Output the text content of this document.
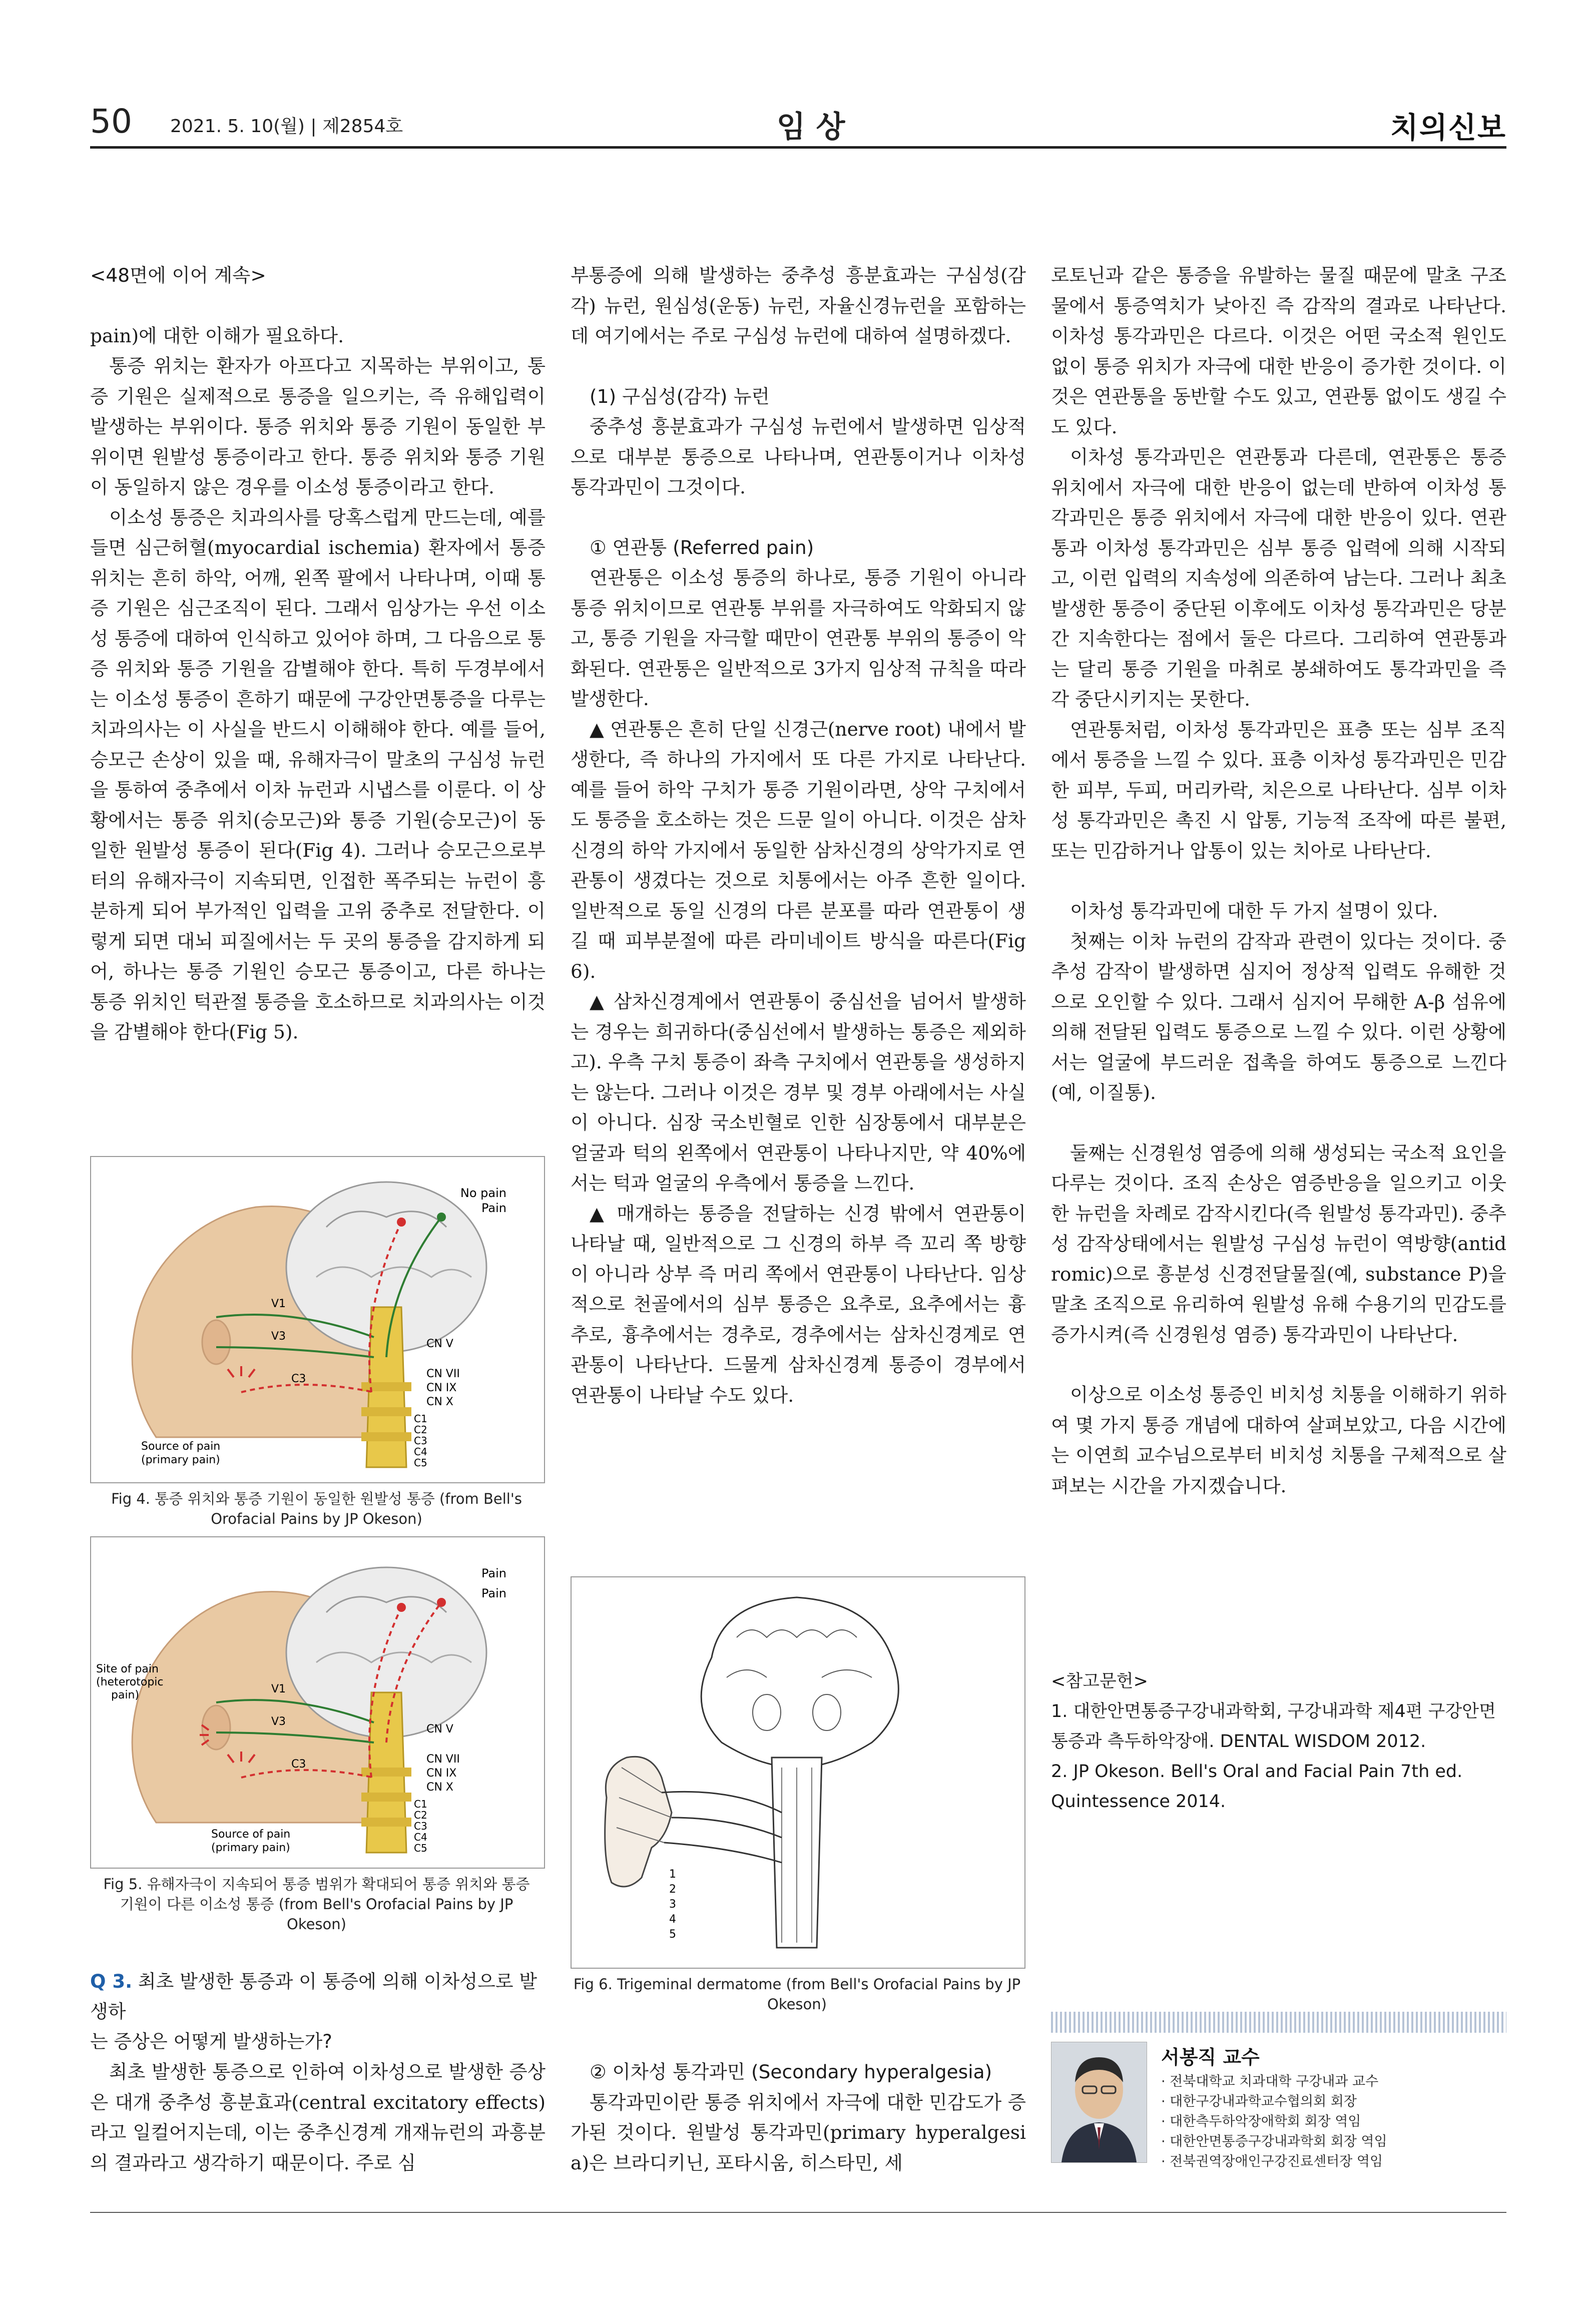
50 2021. 5. 10(월) | 제2854호	임 상	치의신보

<48면에 이어 계속>

pain)에 대한 이해가 필요하다.

통증 위치는 환자가 아프다고 지목하는 부위이고, 통증 기원은 실제적으로 통증을 일으키는, 즉 유해입력이 발생하는 부위이다. 통증 위치와 통증 기원이 동일한 부위이면 원발성 통증이라고 한다. 통증 위치와 통증 기원이 동일하지 않은 경우를 이소성 통증이라고 한다.

이소성 통증은 치과의사를 당혹스럽게 만드는데, 예를 들면 심근허혈(myocardial ischemia) 환자에서 통증 위치는 흔히 하악, 어깨, 왼쪽 팔에서 나타나며, 이때 통증 기원은 심근조직이 된다. 그래서 임상가는 우선 이소성 통증에 대하여 인식하고 있어야 하며, 그 다음으로 통증 위치와 통증 기원을 감별해야 한다. 특히 두경부에서는 이소성 통증이 흔하기 때문에 구강안면통증을 다루는 치과의사는 이 사실을 반드시 이해해야 한다. 예를 들어, 승모근 손상이 있을 때, 유해자극이 말초의 구심성 뉴런을 통하여 중추에서 이차 뉴런과 시냅스를 이룬다. 이 상황에서는 통증 위치(승모근)와 통증 기원(승모근)이 동일한 원발성 통증이 된다(Fig 4). 그러나 승모근으로부터의 유해자극이 지속되면, 인접한 폭주되는 뉴런이 흥분하게 되어 부가적인 입력을 고위 중추로 전달한다. 이렇게 되면 대뇌 피질에서는 두 곳의 통증을 감지하게 되어, 하나는 통증 기원인 승모근 통증이고, 다른 하나는 통증 위치인 턱관절 통증을 호소하므로 치과의사는 이것을 감별해야 한다(Fig 5).

No pain
Pain
V1
V3
C3
CN V
CN VII
CN IX
CN X
C1
C2
C3
C4
C5
Source of pain
(primary pain)
Fig 4. 통증 위치와 통증 기원이 동일한 원발성 통증 (from Bell's
Orofacial Pains by JP Okeson)
Pain
Pain
Site of pain
(heterotopic
pain)	V1
V3
C3
CN V
CN VII
CN IX
CN X
C1
C2
C3
C4
C5
Source of pain
(primary pain)
Fig 5. 유해자극이 지속되어 통증 범위가 확대되어 통증 위치와 통증
기원이 다른 이소성 통증 (from Bell's Orofacial Pains by JP Okeson)

Q 3. 최초 발생한 통증과 이 통증에 의해 이차성으로 발생하

는 증상은 어떻게 발생하는가?

최초 발생한 통증으로 인하여 이차성으로 발생한 증상은 대개 중추성 흥분효과(central excitatory effects)라고 일컬어지는데, 이는 중추신경계 개재뉴런의 과흥분의 결과라고 생각하기 때문이다. 주로 심

부통증에 의해 발생하는 중추성 흥분효과는 구심성(감각) 뉴런, 원심성(운동) 뉴런, 자율신경뉴런을 포함하는데 여기에서는 주로 구심성 뉴런에 대하여 설명하겠다.

(1) 구심성(감각) 뉴런

중추성 흥분효과가 구심성 뉴런에서 발생하면 임상적으로 대부분 통증으로 나타나며, 연관통이거나 이차성 통각과민이 그것이다.

① 연관통 (Referred pain)

연관통은 이소성 통증의 하나로, 통증 기원이 아니라 통증 위치이므로 연관통 부위를 자극하여도 악화되지 않고, 통증 기원을 자극할 때만이 연관통 부위의 통증이 악화된다. 연관통은 일반적으로 3가지 임상적 규칙을 따라 발생한다.

▲ 연관통은 흔히 단일 신경근(nerve root) 내에서 발생한다, 즉 하나의 가지에서 또 다른 가지로 나타난다. 예를 들어 하악 구치가 통증 기원이라면, 상악 구치에서도 통증을 호소하는 것은 드문 일이 아니다. 이것은 삼차신경의 하악 가지에서 동일한 삼차신경의 상악가지로 연관통이 생겼다는 것으로 치통에서는 아주 흔한 일이다. 일반적으로 동일 신경의 다른 분포를 따라 연관통이 생길 때 피부분절에 따른 라미네이트 방식을 따른다(Fig 6).

▲ 삼차신경계에서 연관통이 중심선을 넘어서 발생하는 경우는 희귀하다(중심선에서 발생하는 통증은 제외하고). 우측 구치 통증이 좌측 구치에서 연관통을 생성하지는 않는다. 그러나 이것은 경부 및 경부 아래에서는 사실이 아니다. 심장 국소빈혈로 인한 심장통에서 대부분은 얼굴과 턱의 왼쪽에서 연관통이 나타나지만, 약 40%에서는 턱과 얼굴의 우측에서 통증을 느낀다.

▲ 매개하는 통증을 전달하는 신경 밖에서 연관통이 나타날 때, 일반적으로 그 신경의 하부 즉 꼬리 쪽 방향이 아니라 상부 즉 머리 쪽에서 연관통이 나타난다. 임상적으로 천골에서의 심부 통증은 요추로, 요추에서는 흉추로, 흉추에서는 경추로, 경추에서는 삼차신경계로 연관통이 나타난다. 드물게 삼차신경계 통증이 경부에서 연관통이 나타날 수도 있다.

1
2
3
4
5
Fig 6. Trigeminal dermatome (from Bell's Orofacial Pains by JP
Okeson)

② 이차성 통각과민 (Secondary hyperalgesia)

통각과민이란 통증 위치에서 자극에 대한 민감도가 증가된 것이다. 원발성 통각과민(primary hyperalgesia)은 브라디키닌, 포타시움, 히스타민, 세

로토닌과 같은 통증을 유발하는 물질 때문에 말초 구조물에서 통증역치가 낮아진 즉 감작의 결과로 나타난다. 이차성 통각과민은 다르다. 이것은 어떤 국소적 원인도 없이 통증 위치가 자극에 대한 반응이 증가한 것이다. 이것은 연관통을 동반할 수도 있고, 연관통 없이도 생길 수도 있다.

이차성 통각과민은 연관통과 다른데, 연관통은 통증 위치에서 자극에 대한 반응이 없는데 반하여 이차성 통각과민은 통증 위치에서 자극에 대한 반응이 있다. 연관통과 이차성 통각과민은 심부 통증 입력에 의해 시작되고, 이런 입력의 지속성에 의존하여 남는다. 그러나 최초 발생한 통증이 중단된 이후에도 이차성 통각과민은 당분간 지속한다는 점에서 둘은 다르다. 그리하여 연관통과는 달리 통증 기원을 마취로 봉쇄하여도 통각과민을 즉각 중단시키지는 못한다.

연관통처럼, 이차성 통각과민은 표층 또는 심부 조직에서 통증을 느낄 수 있다. 표층 이차성 통각과민은 민감한 피부, 두피, 머리카락, 치은으로 나타난다. 심부 이차성 통각과민은 촉진 시 압통, 기능적 조작에 따른 불편, 또는 민감하거나 압통이 있는 치아로 나타난다.

이차성 통각과민에 대한 두 가지 설명이 있다.

첫째는 이차 뉴런의 감작과 관련이 있다는 것이다. 중추성 감작이 발생하면 심지어 정상적 입력도 유해한 것으로 오인할 수 있다. 그래서 심지어 무해한 A-β 섬유에 의해 전달된 입력도 통증으로 느낄 수 있다. 이런 상황에서는 얼굴에 부드러운 접촉을 하여도 통증으로 느낀다(예, 이질통).

둘째는 신경원성 염증에 의해 생성되는 국소적 요인을 다루는 것이다. 조직 손상은 염증반응을 일으키고 이웃한 뉴런을 차례로 감작시킨다(즉 원발성 통각과민). 중추성 감작상태에서는 원발성 구심성 뉴런이 역방향(antidromic)으로 흥분성 신경전달물질(예, substance P)을 말초 조직으로 유리하여 원발성 유해 수용기의 민감도를 증가시켜(즉 신경원성 염증) 통각과민이 나타난다.

이상으로 이소성 통증인 비치성 치통을 이해하기 위하여 몇 가지 통증 개념에 대하여 살펴보았고, 다음 시간에는 이연희 교수님으로부터 비치성 치통을 구체적으로 살펴보는 시간을 가지겠습니다.

<참고문헌>

1. 대한안면통증구강내과학회, 구강내과학 제4편 구강안면통증과 측두하악장애. DENTAL WISDOM 2012.

2. JP Okeson. Bell's Oral and Facial Pain 7th ed. Quintessence 2014.

서봉직 교수
· 전북대학교 치과대학 구강내과 교수
· 대한구강내과학교수협의회 회장
· 대한측두하악장애학회 회장 역임
· 대한안면통증구강내과학회 회장 역임
· 전북권역장애인구강진료센터장 역임
